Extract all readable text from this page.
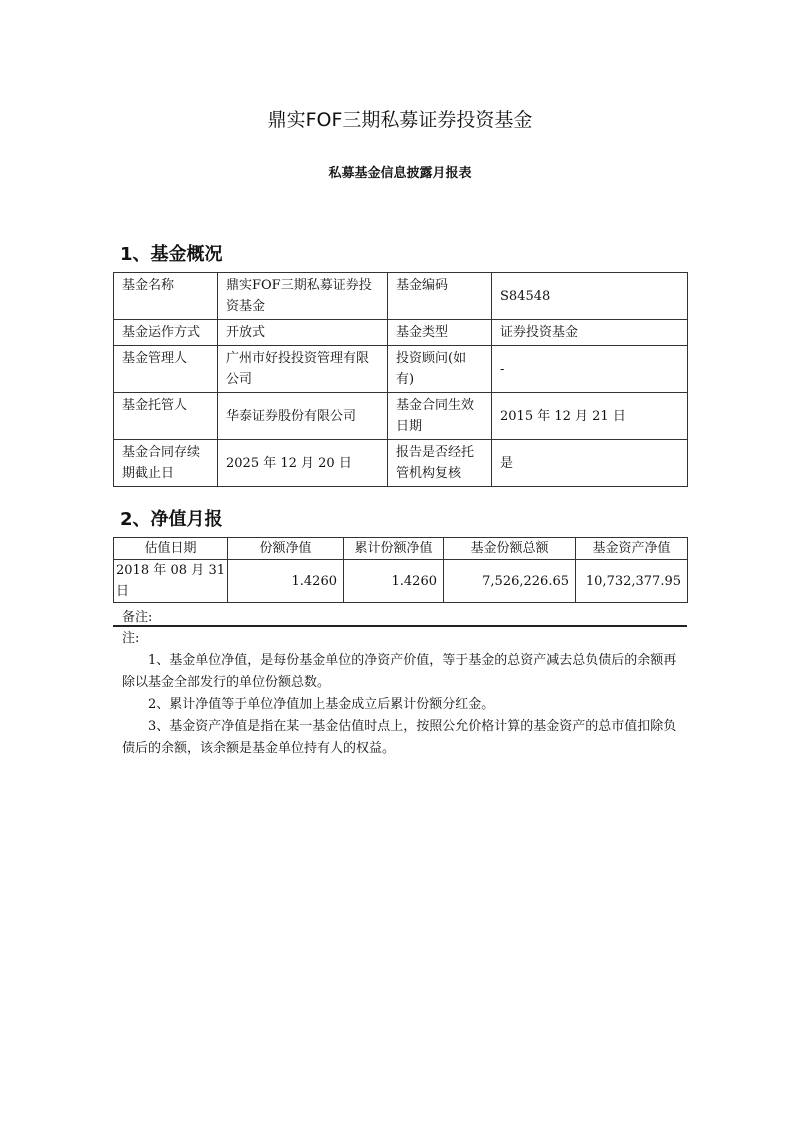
鼎实FOF三期私募证券投资基金
私募基金信息披露月报表
1、基金概况
基金名称	鼎实FOF三期私募证券投资基金	基金编码	S84548
基金运作方式	开放式	基金类型	证券投资基金
基金管理人	广州市好投投资管理有限公司	投资顾问(如有)	-
基金托管人	华泰证券股份有限公司	基金合同生效日期	2015 年 12 月 21 日
基金合同存续期截止日	2025 年 12 月 20 日	报告是否经托管机构复核	是
2、净值月报
估值日期	份额净值	累计份额净值	基金份额总额	基金资产净值
2018 年 08 月 31 日	1.4260	1.4260	7,526,226.65	10,732,377.95
备注:

注:

1、基金单位净值，是每份基金单位的净资产价值，等于基金的总资产减去总负债后的余额再除以基金全部发行的单位份额总数。

2、累计净值等于单位净值加上基金成立后累计份额分红金。

3、基金资产净值是指在某一基金估值时点上，按照公允价格计算的基金资产的总市值扣除负债后的余额，该余额是基金单位持有人的权益。
